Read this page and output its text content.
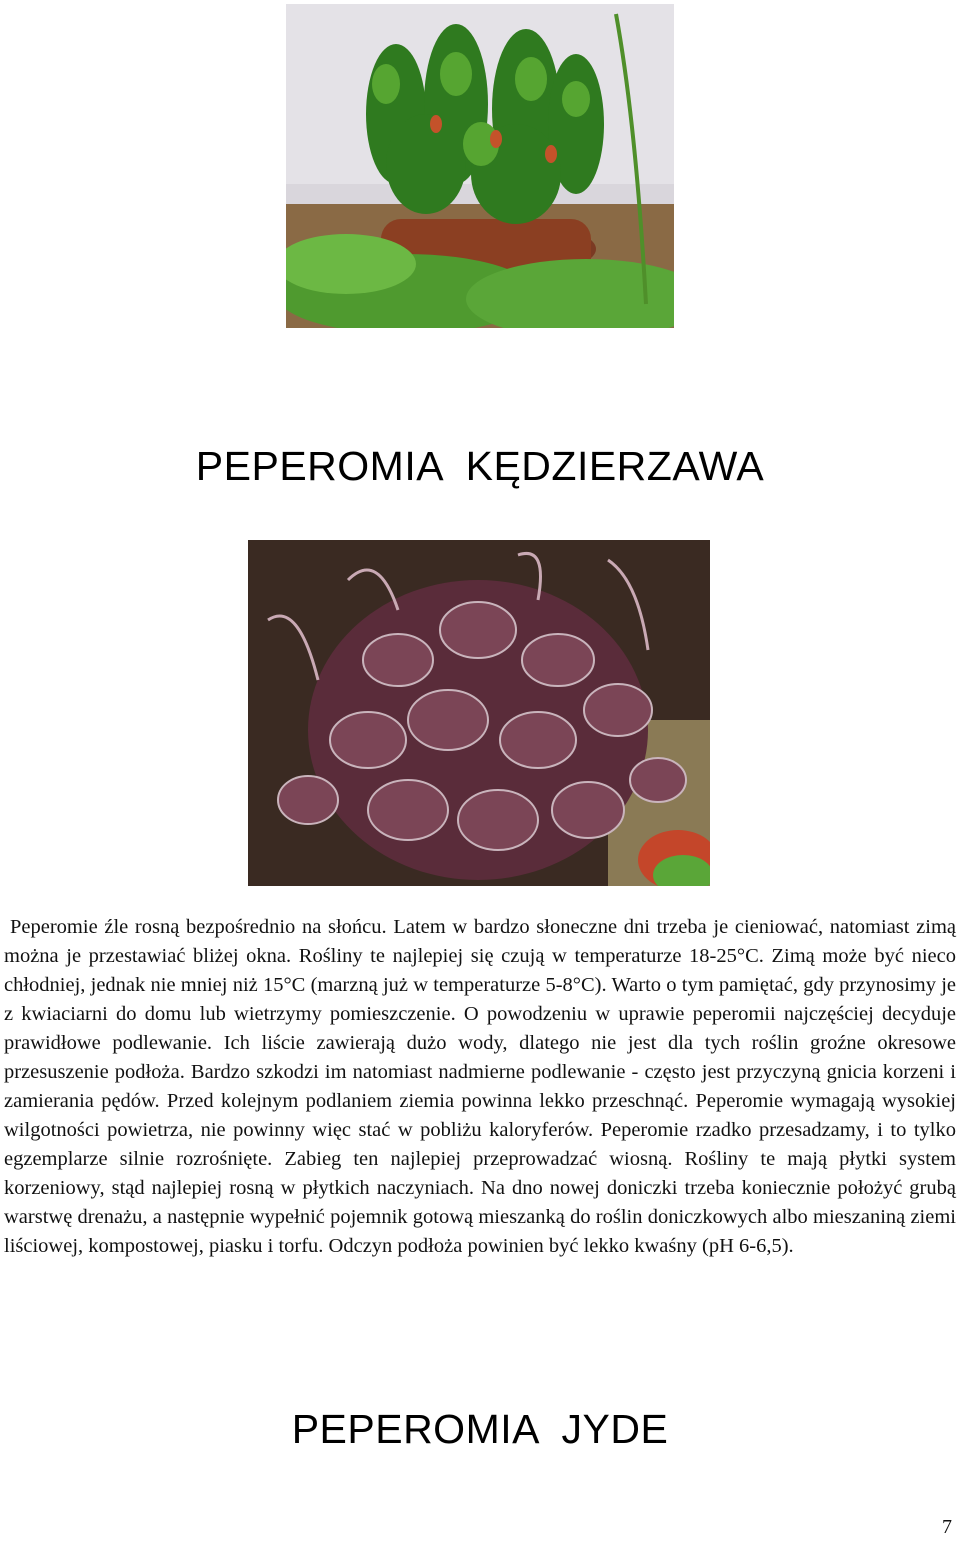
PEPEROMIA  KĘDZIERZAWA

Peperomie źle rosną bezpośrednio na słońcu. Latem w bardzo słoneczne dni trzeba je cieniować, natomiast zimą można je przestawiać bliżej okna. Rośliny te najlepiej się czują w temperaturze 18-25°C. Zimą może być nieco chłodniej, jednak nie mniej niż 15°C (marzną już w temperaturze 5-8°C). Warto o tym pamiętać, gdy przynosimy je z kwiaciarni do domu lub wietrzymy pomieszczenie. O powodzeniu w uprawie peperomii najczęściej decyduje prawidłowe podlewanie. Ich liście zawierają dużo wody, dlatego nie jest dla tych roślin groźne okresowe przesuszenie podłoża. Bardzo szkodzi im natomiast nadmierne podlewanie - często jest przyczyną gnicia korzeni i zamierania pędów. Przed kolejnym podlaniem ziemia powinna lekko przeschnąć. Peperomie wymagają wysokiej wilgotności powietrza, nie powinny więc stać w pobliżu kaloryferów. Peperomie rzadko przesadzamy, i to tylko egzemplarze silnie rozrośnięte. Zabieg ten najlepiej przeprowadzać wiosną. Rośliny te mają płytki system korzeniowy, stąd najlepiej rosną w płytkich naczyniach. Na dno nowej doniczki trzeba koniecznie położyć grubą warstwę drenażu, a następnie wypełnić pojemnik gotową mieszanką do roślin doniczkowych albo mieszaniną ziemi liściowej, kompostowej, piasku i torfu. Odczyn podłoża powinien być lekko kwaśny (pH 6-6,5).

PEPEROMIA  JYDE
7
